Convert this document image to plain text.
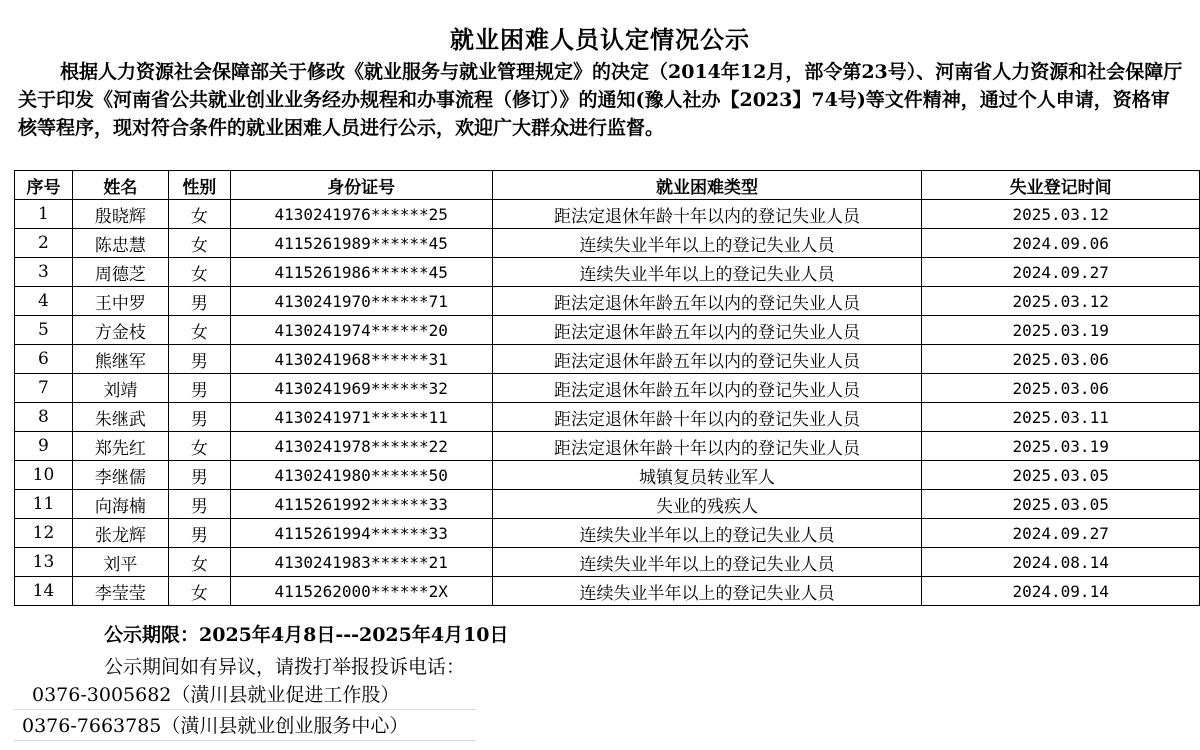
就业困难人员认定情况公示
根据人力资源社会保障部关于修改《就业服务与就业管理规定》的决定（2014年12月，部令第23号）、河南省人力资源和社会保障厅关于印发《河南省公共就业创业业务经办规程和办事流程（修订）》的通知(豫人社办【2023】74号)等文件精神，通过个人申请，资格审核等程序，现对符合条件的就业困难人员进行公示，欢迎广大群众进行监督。
序号	姓名	性别	身份证号	就业困难类型	失业登记时间
1	殷晓辉	女	4130241976******25	距法定退休年龄十年以内的登记失业人员	2025.03.12
2	陈忠慧	女	4115261989******45	连续失业半年以上的登记失业人员	2024.09.06
3	周德芝	女	4115261986******45	连续失业半年以上的登记失业人员	2024.09.27
4	王中罗	男	4130241970******71	距法定退休年龄五年以内的登记失业人员	2025.03.12
5	方金枝	女	4130241974******20	距法定退休年龄五年以内的登记失业人员	2025.03.19
6	熊继军	男	4130241968******31	距法定退休年龄五年以内的登记失业人员	2025.03.06
7	刘靖	男	4130241969******32	距法定退休年龄五年以内的登记失业人员	2025.03.06
8	朱继武	男	4130241971******11	距法定退休年龄十年以内的登记失业人员	2025.03.11
9	郑先红	女	4130241978******22	距法定退休年龄十年以内的登记失业人员	2025.03.19
10	李继儒	男	4130241980******50	城镇复员转业军人	2025.03.05
11	向海楠	男	4115261992******33	失业的残疾人	2025.03.05
12	张龙辉	男	4115261994******33	连续失业半年以上的登记失业人员	2024.09.27
13	刘平	女	4130241983******21	连续失业半年以上的登记失业人员	2024.08.14
14	李莹莹	女	4115262000******2X	连续失业半年以上的登记失业人员	2024.09.14
公示期限：2025年4月8日---2025年4月10日
公示期间如有异议，请拨打举报投诉电话：
0376-3005682（潢川县就业促进工作股）
0376-7663785（潢川县就业创业服务中心）
